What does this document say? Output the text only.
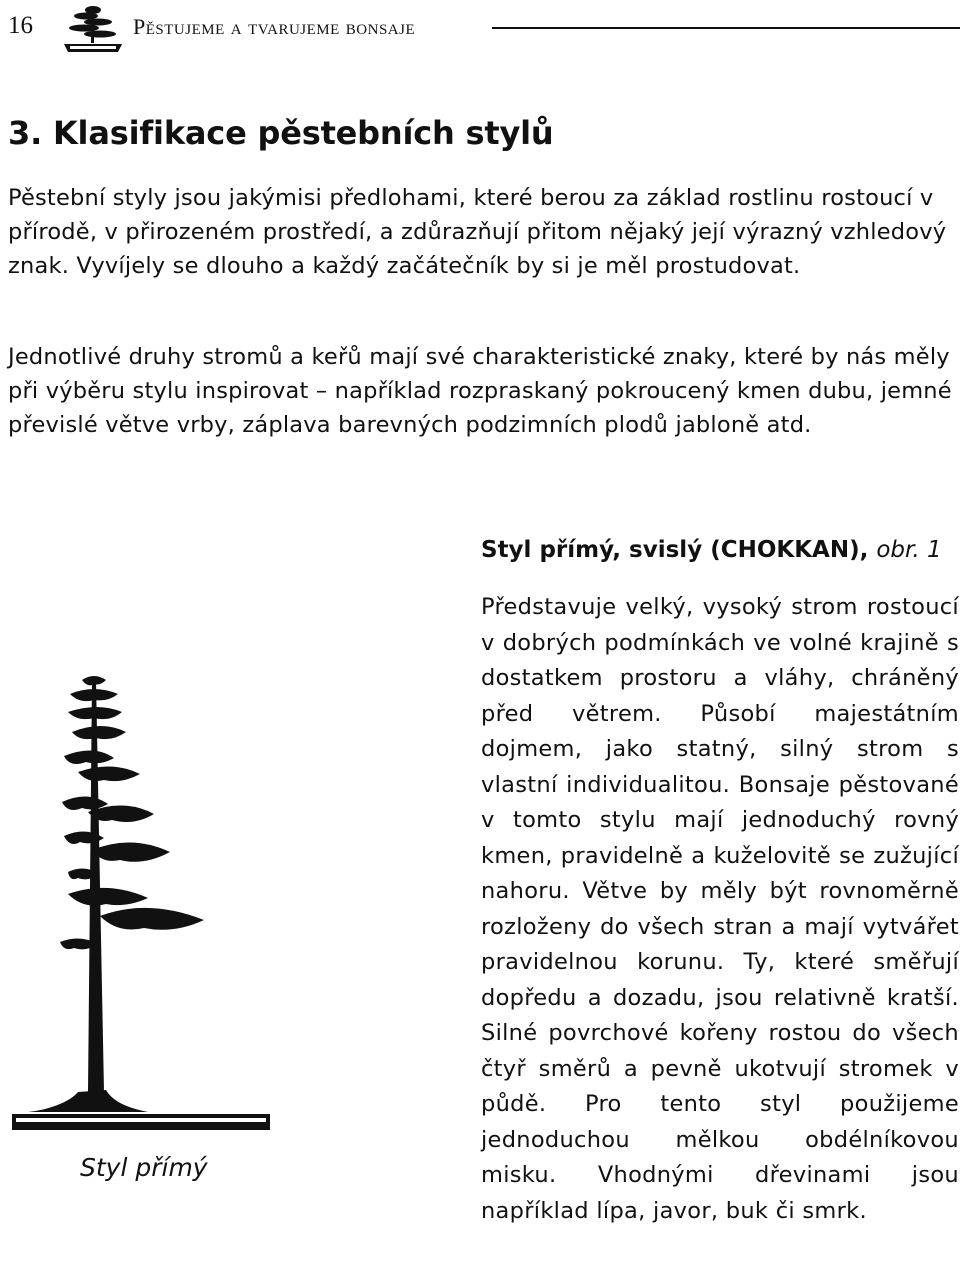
16	Pěstujeme a tvarujeme bonsaje
3. Klasifikace pěstebních stylů

Pěstební styly jsou jakýmisi předlohami, které berou za základ rostlinu rostoucí v přírodě, v přirozeném prostředí, a zdůrazňují přitom nějaký její výrazný vzhledový znak. Vyvíjely se dlouho a každý začátečník by si je měl prostudovat.

Jednotlivé druhy stromů a keřů mají své charakteristické znaky, které by nás měly při výběru stylu inspirovat – například rozpraskaný pokroucený kmen dubu, jemné převislé větve vrby, záplava barevných podzimních plodů jabloně atd.

Styl přímý, svislý (CHOKKAN), obr. 1

Představuje velký, vysoký strom rostoucí v dobrých podmínkách ve volné krajině s dostatkem prostoru a vláhy, chráněný před větrem. Působí majestátním dojmem, jako statný, silný strom s vlastní individualitou. Bonsaje pěstované v tomto stylu mají jednoduchý rovný kmen, pravidelně a kuželovitě se zužující nahoru. Větve by měly být rovnoměrně rozloženy do všech stran a mají vytvářet pravidelnou korunu. Ty, které směřují dopředu a dozadu, jsou relativně kratší. Silné povrchové kořeny rostou do všech čtyř směrů a pevně ukotvují stromek v půdě. Pro tento styl použijeme jednoduchou mělkou obdélníkovou misku. Vhodnými dřevinami jsou například lípa, javor, buk či smrk.

Styl přímý
